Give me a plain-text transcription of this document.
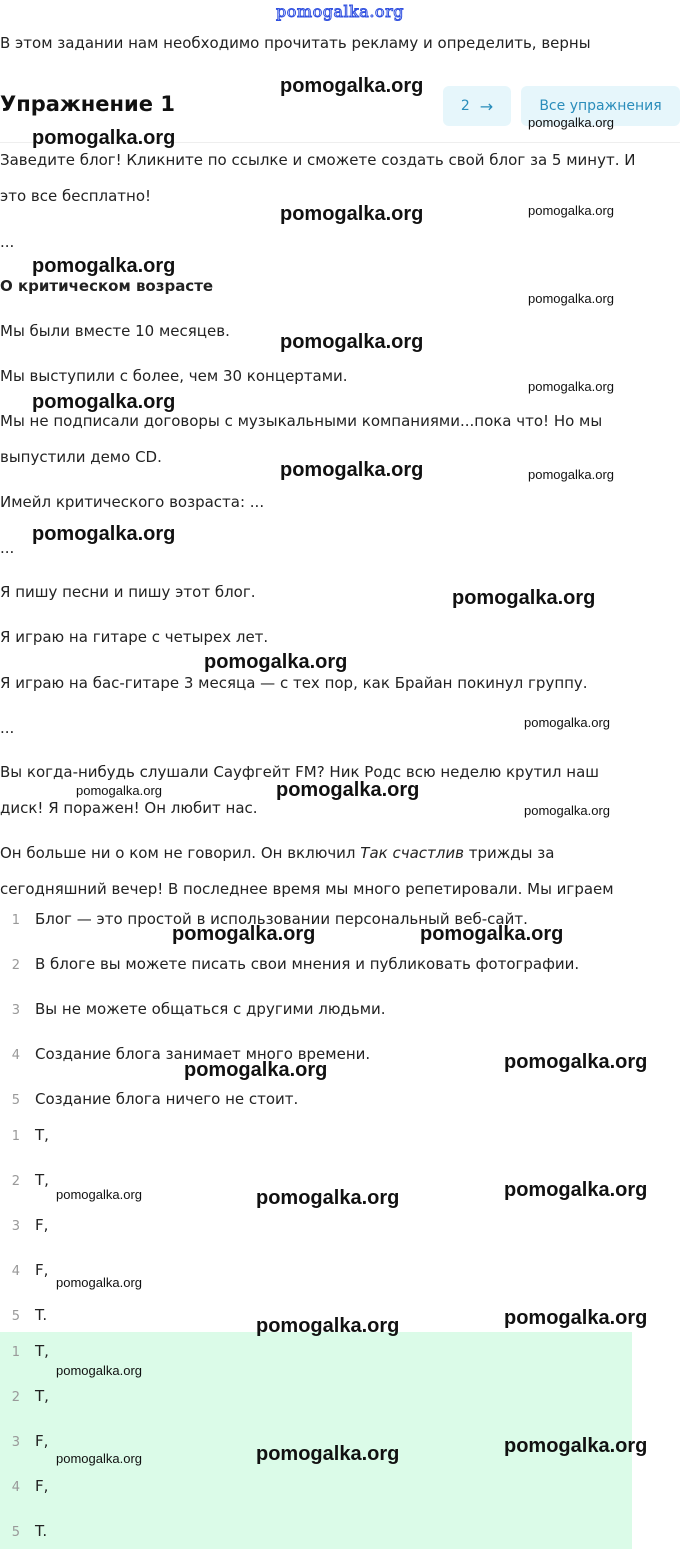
pomogalka.org
В этом задании нам необходимо прочитать рекламу и определить, верны
Упражнение 1	2 →	Все упражнения
Заведите блог! Кликните по ссылке и сможете создать свой блог за 5 минут. И
это все бесплатно!
...
О критическом возрасте
Мы были вместе 10 месяцев.
Мы выступили с более, чем 30 концертами.
Мы не подписали договоры с музыкальными компаниями...пока что! Но мы
выпустили демо CD.
Имейл критического возраста: ...
...
Я пишу песни и пишу этот блог.
Я играю на гитаре с четырех лет.
Я играю на бас-гитаре 3 месяца — с тех пор, как Брайан покинул группу.
...
Вы когда-нибудь слушали Сауфгейт FM? Ник Родс всю неделю крутил наш
диск! Я поражен! Он любит нас.
Он больше ни о ком не говорил. Он включил Так счастлив трижды за
сегодняшний вечер! В последнее время мы много репетировали. Мы играем
1 Блог — это простой в использовании персональный веб-сайт.
2 В блоге вы можете писать свои мнения и публиковать фотографии.
3 Вы не можете общаться с другими людьми.
4 Создание блога занимает много времени.
5 Создание блога ничего не стоит.
1 T,
2 T,
3 F,
4 F,
5 T.
1 T,
2 T,
3 F,
4 F,
5 T.
pomogalka.org
pomogalka.org
pomogalka.org
pomogalka.org	pomogalka.org
pomogalka.org
pomogalka.org
pomogalka.org
pomogalka.org
pomogalka.org
pomogalka.org	pomogalka.org
pomogalka.org
pomogalka.org
pomogalka.org
pomogalka.org
pomogalka.org	pomogalka.org
pomogalka.org
pomogalka.org	pomogalka.org
pomogalka.org
pomogalka.org
pomogalka.org
pomogalka.org	pomogalka.org
pomogalka.org
pomogalka.org
pomogalka.org
pomogalka.org
pomogalka.org
pomogalka.org
pomogalka.org
